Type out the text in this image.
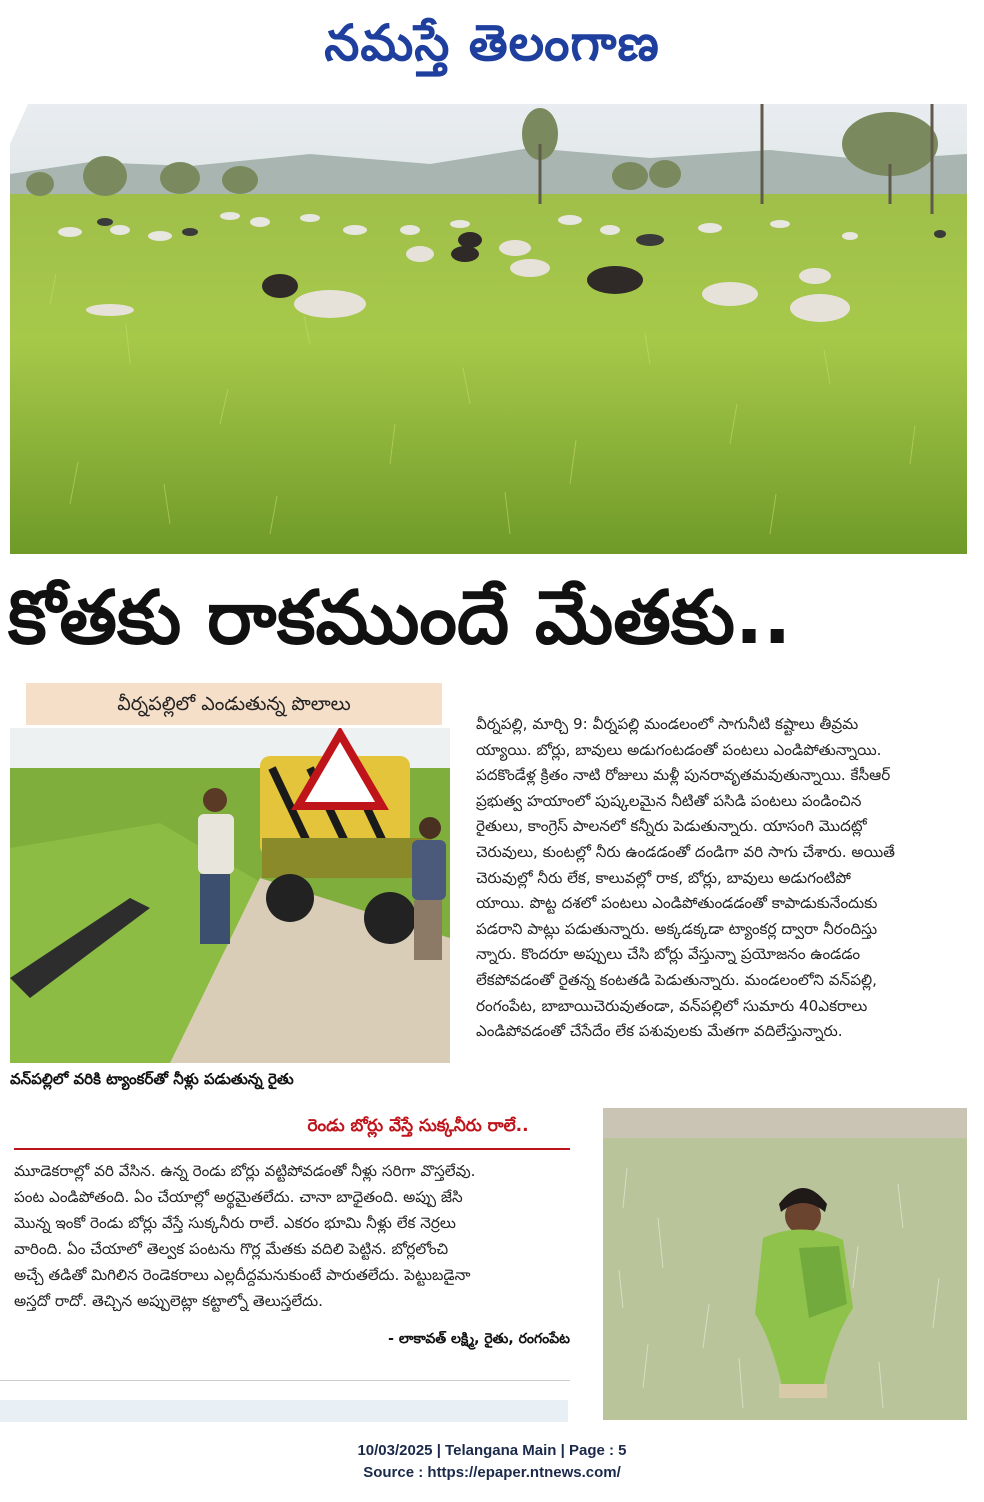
నమస్తే తెలంగాణ
కోతకు రాకముందే మేతకు..
వీర్నపల్లిలో ఎండుతున్న పొలాలు
వన్‌పల్లిలో వరికి ట్యాంకర్‌తో నీళ్లు పడుతున్న రైతు
వీర్నపల్లి, మార్చి 9: వీర్నపల్లి మండలంలో సాగునీటి కష్టాలు తీవ్రమ
య్యాయి. బోర్లు, బావులు అడుగంటడంతో పంటలు ఎండిపోతున్నాయి.
పదకొండేళ్ల క్రితం నాటి రోజులు మళ్లీ పునరావృతమవుతున్నాయి. కేసీఆర్
ప్రభుత్వ హయాంలో పుష్కలమైన నీటితో పసిడి పంటలు పండించిన
రైతులు, కాంగ్రెస్ పాలనలో కన్నీరు పెడుతున్నారు. యాసంగి మొదట్లో
చెరువులు, కుంటల్లో నీరు ఉండడంతో దండిగా వరి సాగు చేశారు. అయితే
చెరువుల్లో నీరు లేక, కాలువల్లో రాక, బోర్లు, బావులు అడుగంటిపో
యాయి. పొట్ట దశలో పంటలు ఎండిపోతుండడంతో కాపాడుకునేందుకు
పడరాని పాట్లు పడుతున్నారు. అక్కడక్కడా ట్యాంకర్ల ద్వారా నీరందిస్తు
న్నారు. కొందరూ అప్పులు చేసి బోర్లు వేస్తున్నా ప్రయోజనం ఉండడం
లేకపోవడంతో రైతన్న కంటతడి పెడుతున్నారు. మండలంలోని వన్‌పల్లి,
రంగంపేట, బాబాయిచెరువుతండా, వన్‌పల్లిలో సుమారు 40ఎకరాలు
ఎండిపోవడంతో చేసేదేం లేక పశువులకు మేతగా వదిలేస్తున్నారు.
రెండు బోర్లు వేస్తే సుక్కనీరు రాలే..
మూడెకరాల్లో వరి వేసిన. ఉన్న రెండు బోర్లు వట్టిపోవడంతో నీళ్లు సరిగా వొస్తలేవు.
పంట ఎండిపోతంది. ఏం చేయాల్లో అర్థమైతలేదు. చానా బాధైతంది. అప్పు జేసి
మొన్న ఇంకో రెండు బోర్లు వేస్తే సుక్కనీరు రాలే. ఎకరం భూమి నీళ్లు లేక నెర్రలు
వారింది. ఏం చేయాలో తెల్వక పంటను గొర్ల మేతకు వదిలి పెట్టిన. బోర్లలోంచి
అచ్చే తడితో మిగిలిన రెండెకరాలు ఎల్లదీద్దమనుకుంటే పారుతలేదు. పెట్టుబడైనా
అస్తదో రాదో. తెచ్చిన అప్పులెట్లా కట్టాల్నో తెలుస్తలేదు.
- లాకావత్ లక్ష్మి, రైతు, రంగంపేట
10/03/2025 | Telangana Main | Page : 5
Source : https://epaper.ntnews.com/
